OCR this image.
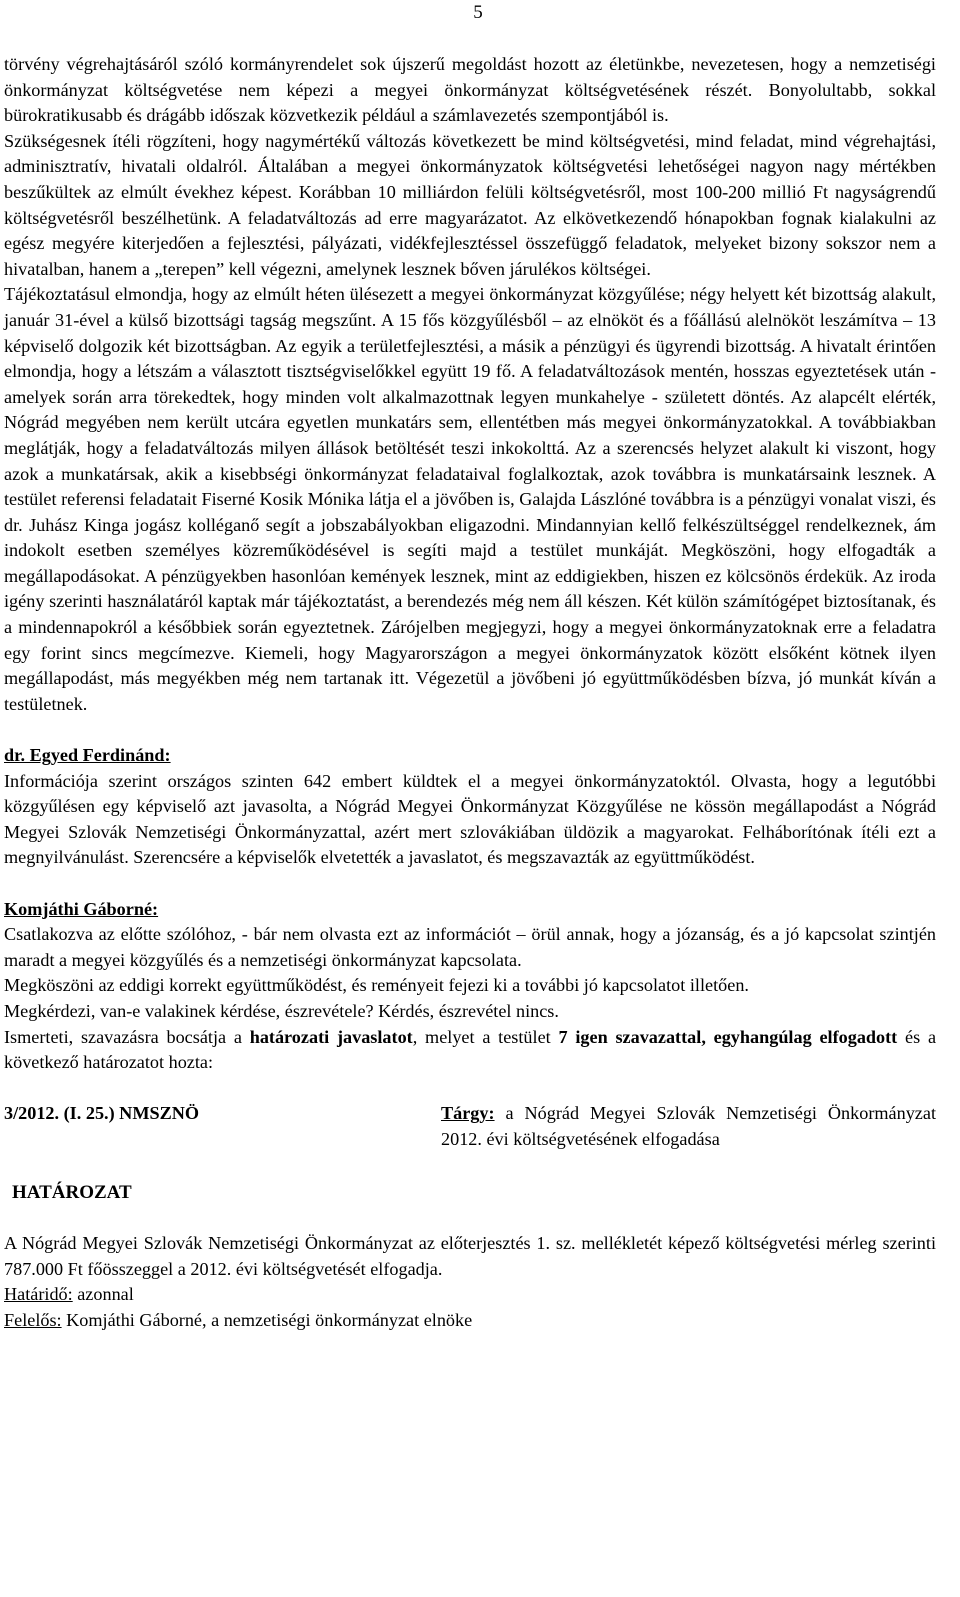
5

törvény végrehajtásáról szóló kormányrendelet sok újszerű megoldást hozott az életünkbe, nevezetesen, hogy a nemzetiségi önkormányzat költségvetése nem képezi a megyei önkormányzat költségvetésének részét. Bonyolultabb, sokkal bürokratikusabb és drágább időszak közvetkezik például a számlavezetés szempontjából is.

Szükségesnek ítéli rögzíteni, hogy nagymértékű változás következett be mind költségvetési, mind feladat, mind végrehajtási, adminisztratív, hivatali oldalról. Általában a megyei önkormányzatok költségvetési lehetőségei nagyon nagy mértékben beszűkültek az elmúlt évekhez képest. Korábban 10 milliárdon felüli költségvetésről, most 100-200 millió Ft nagyságrendű költségvetésről beszélhetünk. A feladatváltozás ad erre magyarázatot. Az elkövetkezendő hónapokban fognak kialakulni az egész megyére kiterjedően a fejlesztési, pályázati, vidékfejlesztéssel összefüggő feladatok, melyeket bizony sokszor nem a hivatalban, hanem a „terepen” kell végezni, amelynek lesznek bőven járulékos költségei.

Tájékoztatásul elmondja, hogy az elmúlt héten ülésezett a megyei önkormányzat közgyűlése; négy helyett két bizottság alakult, január 31-ével a külső bizottsági tagság megszűnt. A 15 fős közgyűlésből – az elnököt és a főállású alelnököt leszámítva – 13 képviselő dolgozik két bizottságban. Az egyik a területfejlesztési, a másik a pénzügyi és ügyrendi bizottság. A hivatalt érintően elmondja, hogy a létszám a választott tisztségviselőkkel együtt 19 fő. A feladatváltozások mentén, hosszas egyeztetések után - amelyek során arra törekedtek, hogy minden volt alkalmazottnak legyen munkahelye - született döntés. Az alapcélt elérték, Nógrád megyében nem került utcára egyetlen munkatárs sem, ellentétben más megyei önkormányzatokkal. A továbbiakban meglátják, hogy a feladatváltozás milyen állások betöltését teszi inkokolttá. Az a szerencsés helyzet alakult ki viszont, hogy azok a munkatársak, akik a kisebbségi önkormányzat feladataival foglalkoztak, azok továbbra is munkatársaink lesznek. A testület referensi feladatait Fiserné Kosik Mónika látja el a jövőben is, Galajda Lászlóné továbbra is a pénzügyi vonalat viszi, és dr. Juhász Kinga jogász kolléganő segít a jobszabályokban eligazodni. Mindannyian kellő felkészültséggel rendelkeznek, ám indokolt esetben személyes közreműködésével is segíti majd a testület munkáját. Megköszöni, hogy elfogadták a megállapodásokat. A pénzügyekben hasonlóan kemények lesznek, mint az eddigiekben, hiszen ez kölcsönös érdekük. Az iroda igény szerinti használatáról kaptak már tájékoztatást, a berendezés még nem áll készen. Két külön számítógépet biztosítanak, és a mindennapokról a későbbiek során egyeztetnek. Zárójelben megjegyzi, hogy a megyei önkormányzatoknak erre a feladatra egy forint sincs megcímezve. Kiemeli, hogy Magyarországon a megyei önkormányzatok között elsőként kötnek ilyen megállapodást, más megyékben még nem tartanak itt. Végezetül a jövőbeni jó együttműködésben bízva, jó munkát kíván a testületnek.

dr. Egyed Ferdinánd:

Információja szerint országos szinten 642 embert küldtek el a megyei önkormányzatoktól. Olvasta, hogy a legutóbbi közgyűlésen egy képviselő azt javasolta, a Nógrád Megyei Önkormányzat Közgyűlése ne kössön megállapodást a Nógrád Megyei Szlovák Nemzetiségi Önkormányzattal, azért mert szlovákiában üldözik a magyarokat. Felháborítónak ítéli ezt a megnyilvánulást. Szerencsére a képviselők elvetették a javaslatot, és megszavazták az együttműködést.

Komjáthi Gáborné:

Csatlakozva az előtte szólóhoz, - bár nem olvasta ezt az információt – örül annak, hogy a józanság, és a jó kapcsolat szintjén maradt a megyei közgyűlés és a nemzetiségi önkormányzat kapcsolata.

Megköszöni az eddigi korrekt együttműködést, és reményeit fejezi ki a további jó kapcsolatot illetően.

Megkérdezi, van-e valakinek kérdése, észrevétele? Kérdés, észrevétel nincs.

Ismerteti, szavazásra bocsátja a határozati javaslatot, melyet a testület 7 igen szavazattal, egyhangúlag elfogadott és a következő határozatot hozta:

3/2012. (I. 25.) NMSZNÖ	Tárgy: a Nógrád Megyei Szlovák Nemzetiségi Önkormányzat 2012. évi költségvetésének elfogadása

HATÁROZAT

A Nógrád Megyei Szlovák Nemzetiségi Önkormányzat az előterjesztés 1. sz. mellékletét képező költségvetési mérleg szerinti 787.000 Ft főösszeggel a 2012. évi költségvetését elfogadja.

Határidő: azonnal

Felelős: Komjáthi Gáborné, a nemzetiségi önkormányzat elnöke
